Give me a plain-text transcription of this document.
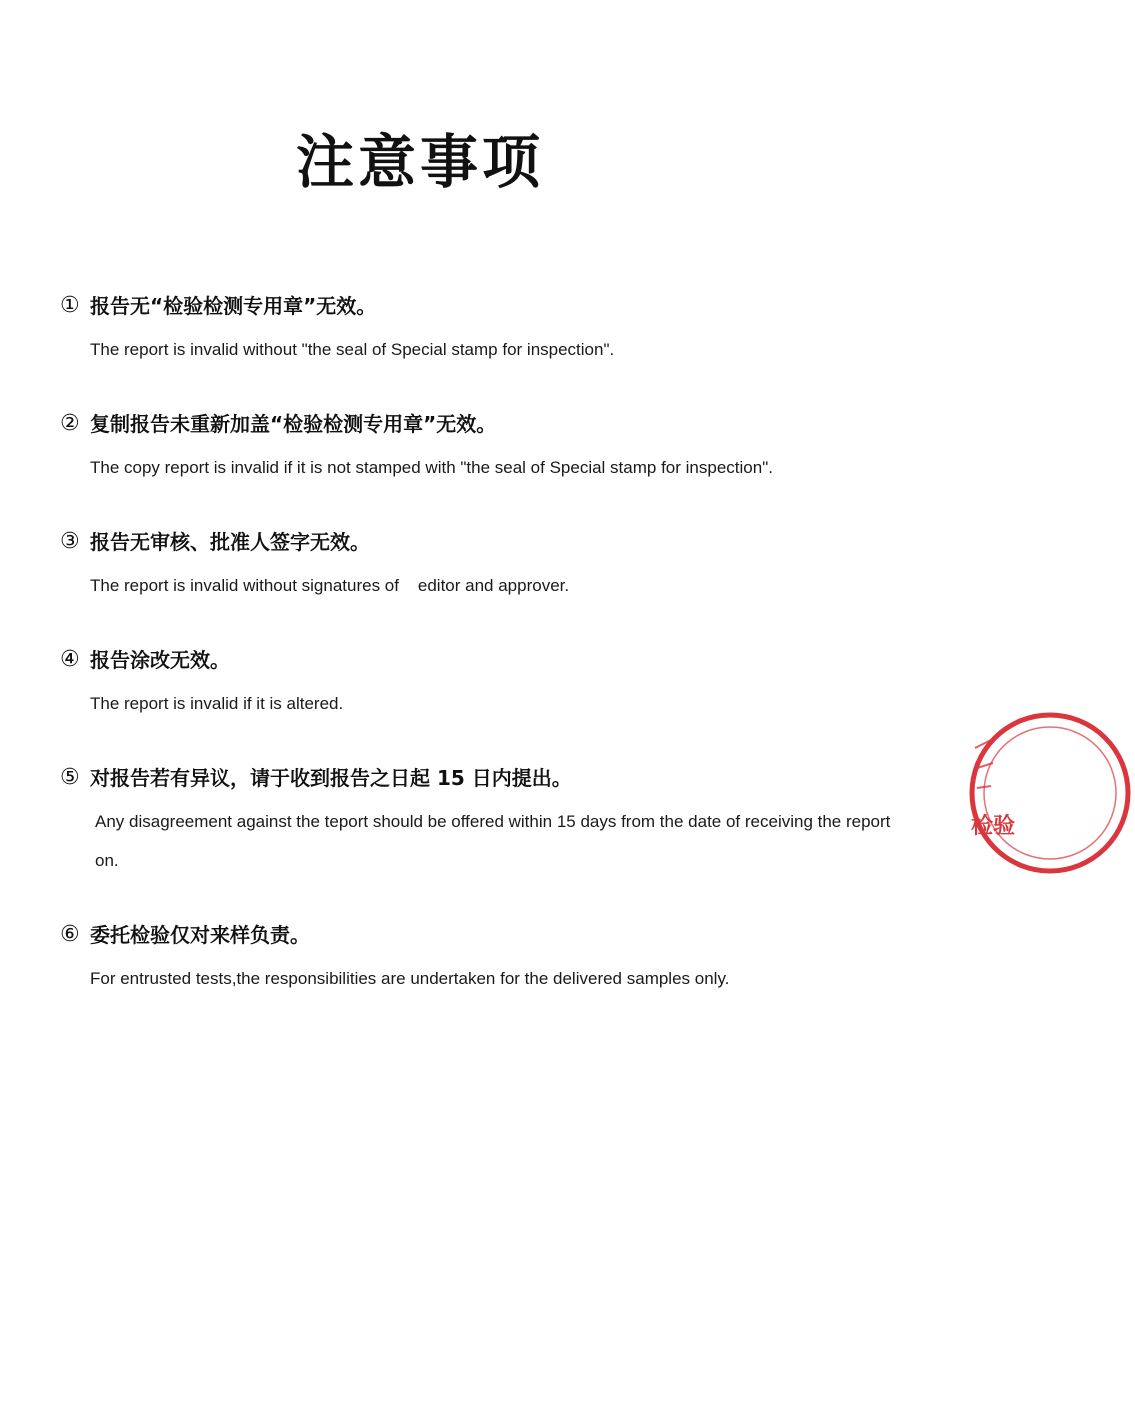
注意事项
① 报告无“检验检测专用章”无效。
The report is invalid without "the seal of Special stamp for inspection".
② 复制报告未重新加盖“检验检测专用章”无效。
The copy report is invalid if it is not stamped with "the seal of Special stamp for inspection".
③ 报告无审核、批准人签字无效。
The report is invalid without signatures of    editor and approver.
④ 报告涂改无效。
The report is invalid if it is altered.
⑤ 对报告若有异议，请于收到报告之日起 15 日内提出。
Any disagreement against the teport should be offered within 15 days from the date of receiving the report on.
⑥ 委托检验仅对来样负责。
For entrusted tests,the responsibilities are undertaken for the delivered samples only.
检验
